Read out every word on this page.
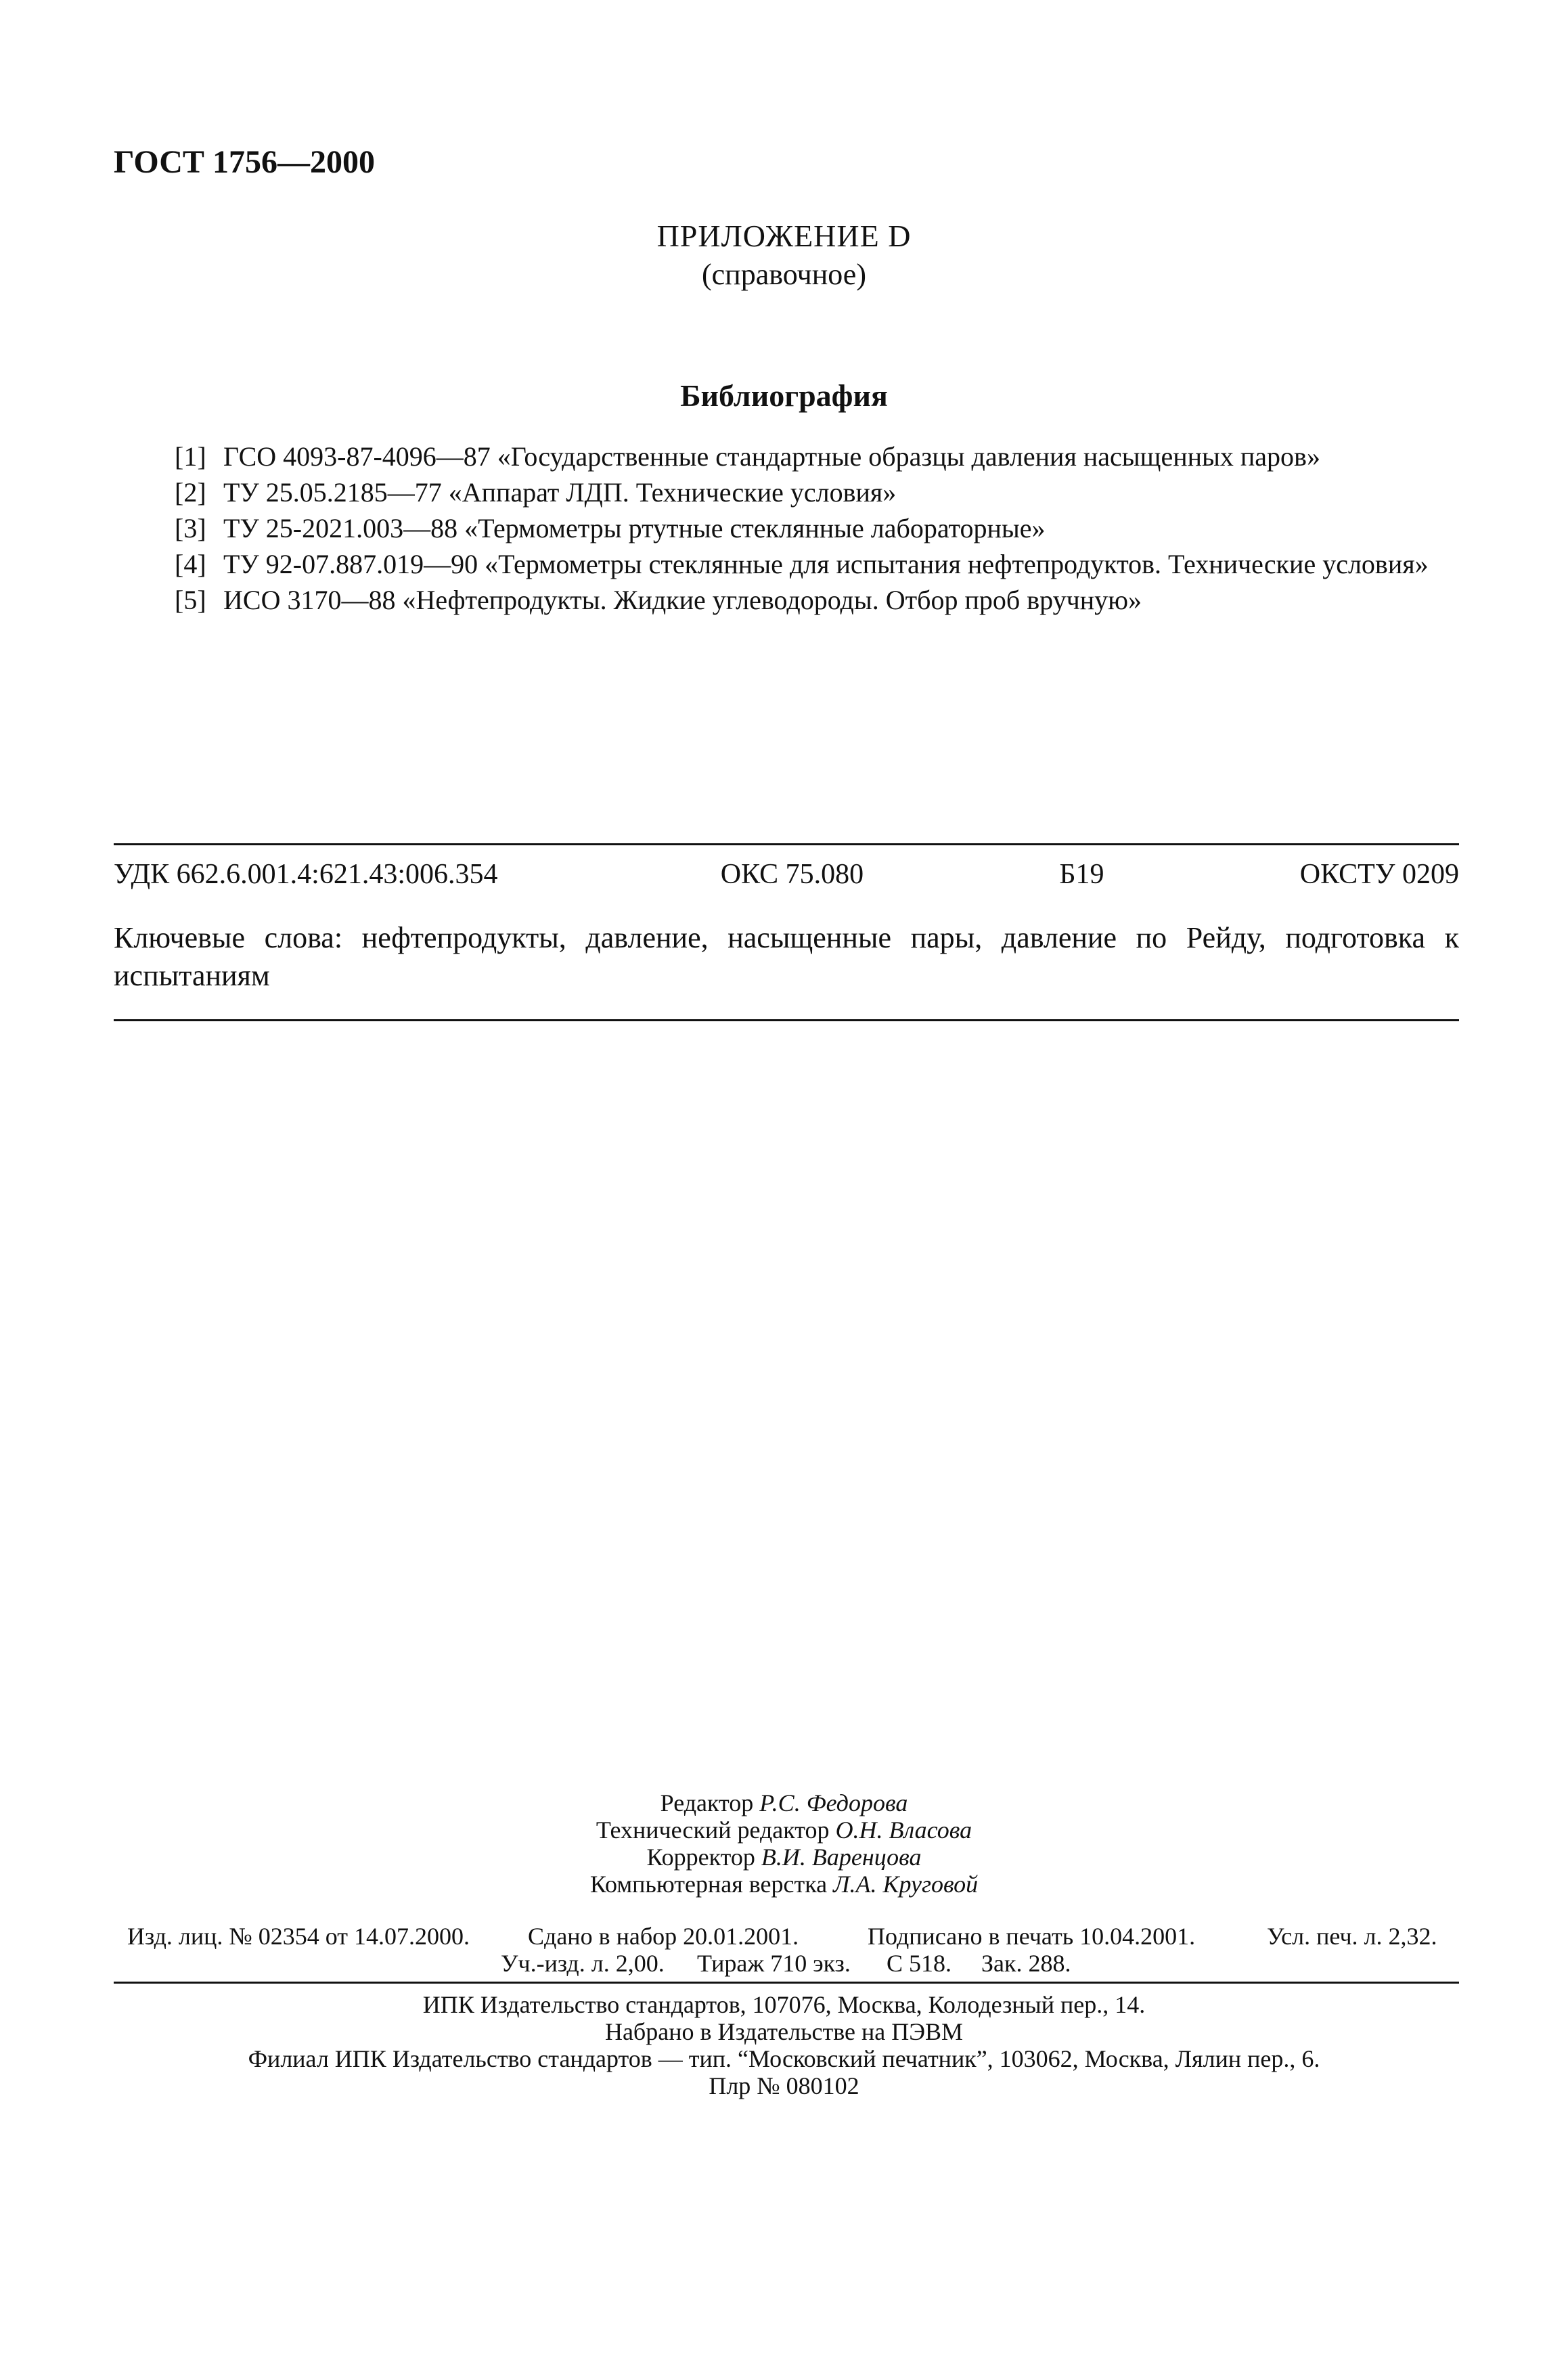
ГОСТ 1756—2000
ПРИЛОЖЕНИЕ D
(справочное)
Библиография
[1] ГСО 4093-87-4096—87 «Государственные стандартные образцы давления насыщенных паров»
[2] ТУ 25.05.2185—77 «Аппарат ЛДП. Технические условия»
[3] ТУ 25-2021.003—88 «Термометры ртутные стеклянные лабораторные»
[4] ТУ 92-07.887.019—90 «Термометры стеклянные для испытания нефтепродуктов. Технические условия»
[5] ИСО 3170—88 «Нефтепродукты. Жидкие углеводороды. Отбор проб вручную»
УДК 662.6.001.4:621.43:006.354	ОКС 75.080	Б19	ОКСТУ 0209
Ключевые слова: нефтепродукты, давление, насыщенные пары, давление по Рейду, подготовка к испытаниям
Редактор Р.С. Федорова
Технический редактор О.Н. Власова
Корректор В.И. Варенцова
Компьютерная верстка Л.А. Круговой
Изд. лиц. № 02354 от 14.07.2000. Сдано в набор 20.01.2001.	Подписано в печать 10.04.2001.	Усл. печ. л. 2,32.
Уч.-изд. л. 2,00. Тираж 710 экз. С 518. Зак. 288.
ИПК Издательство стандартов, 107076, Москва, Колодезный пер., 14.
Набрано в Издательстве на ПЭВМ
Филиал ИПК Издательство стандартов — тип. “Московский печатник”, 103062, Москва, Лялин пер., 6.
Плр № 080102
